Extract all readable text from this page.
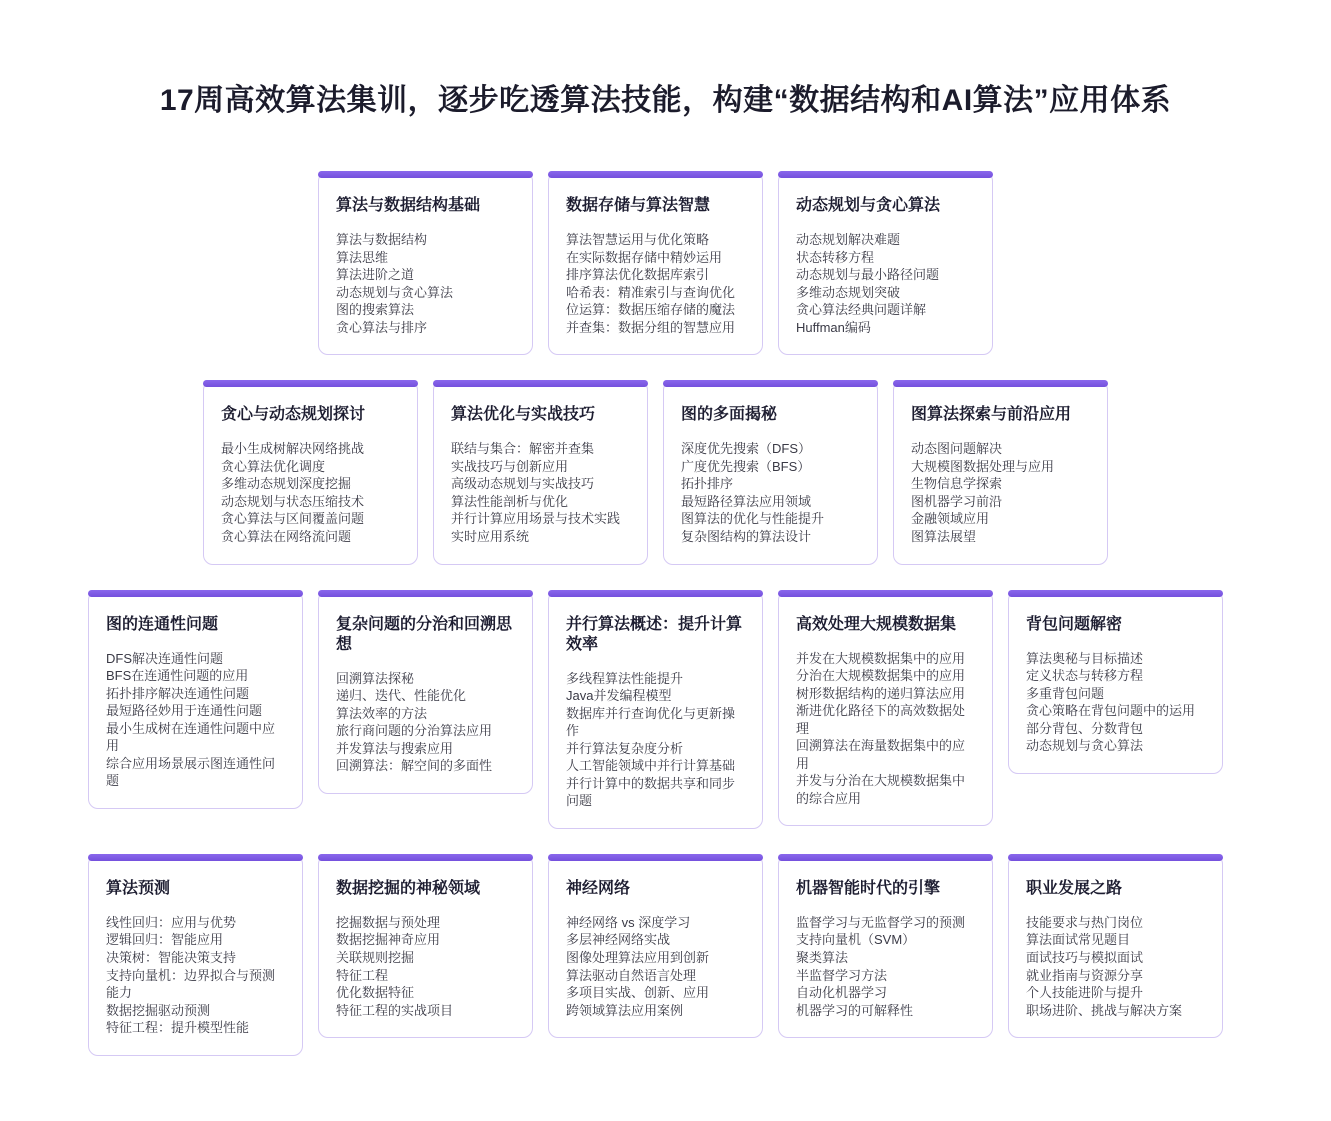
17周高效算法集训，逐步吃透算法技能，构建“数据结构和AI算法”应用体系
算法与数据结构基础
算法与数据结构
算法思维
算法进阶之道
动态规划与贪心算法
图的搜索算法
贪心算法与排序
数据存储与算法智慧
算法智慧运用与优化策略
在实际数据存储中精妙运用
排序算法优化数据库索引
哈希表：精准索引与查询优化
位运算：数据压缩存储的魔法
并查集：数据分组的智慧应用
动态规划与贪心算法
动态规划解决难题
状态转移方程
动态规划与最小路径问题
多维动态规划突破
贪心算法经典问题详解
Huffman编码
贪心与动态规划探讨
最小生成树解决网络挑战
贪心算法优化调度
多维动态规划深度挖掘
动态规划与状态压缩技术
贪心算法与区间覆盖问题
贪心算法在网络流问题
算法优化与实战技巧
联结与集合：解密并查集
实战技巧与创新应用
高级动态规划与实战技巧
算法性能剖析与优化
并行计算应用场景与技术实践
实时应用系统
图的多面揭秘
深度优先搜索（DFS）
广度优先搜索（BFS）
拓扑排序
最短路径算法应用领域
图算法的优化与性能提升
复杂图结构的算法设计
图算法探索与前沿应用
动态图问题解决
大规模图数据处理与应用
生物信息学探索
图机器学习前沿
金融领域应用
图算法展望
图的连通性问题
DFS解决连通性问题
BFS在连通性问题的应用
拓扑排序解决连通性问题
最短路径妙用于连通性问题
最小生成树在连通性问题中应用
综合应用场景展示图连通性问题
复杂问题的分治和回溯思想
回溯算法探秘
递归、迭代、性能优化
算法效率的方法
旅行商问题的分治算法应用
并发算法与搜索应用
回溯算法：解空间的多面性
并行算法概述：提升计算效率
多线程算法性能提升
Java并发编程模型
数据库并行查询优化与更新操作
并行算法复杂度分析
人工智能领域中并行计算基础
并行计算中的数据共享和同步问题
高效处理大规模数据集
并发在大规模数据集中的应用
分治在大规模数据集中的应用
树形数据结构的递归算法应用
渐进优化路径下的高效数据处理
回溯算法在海量数据集中的应用
并发与分治在大规模数据集中的综合应用
背包问题解密
算法奥秘与目标描述
定义状态与转移方程
多重背包问题
贪心策略在背包问题中的运用
部分背包、分数背包
动态规划与贪心算法
算法预测
线性回归：应用与优势
逻辑回归：智能应用
决策树：智能决策支持
支持向量机：边界拟合与预测能力
数据挖掘驱动预测
特征工程：提升模型性能
数据挖掘的神秘领域
挖掘数据与预处理
数据挖掘神奇应用
关联规则挖掘
特征工程
优化数据特征
特征工程的实战项目
神经网络
神经网络 vs 深度学习
多层神经网络实战
图像处理算法应用到创新
算法驱动自然语言处理
多项目实战、创新、应用
跨领域算法应用案例
机器智能时代的引擎
监督学习与无监督学习的预测
支持向量机（SVM）
聚类算法
半监督学习方法
自动化机器学习
机器学习的可解释性
职业发展之路
技能要求与热门岗位
算法面试常见题目
面试技巧与模拟面试
就业指南与资源分享
个人技能进阶与提升
职场进阶、挑战与解决方案
